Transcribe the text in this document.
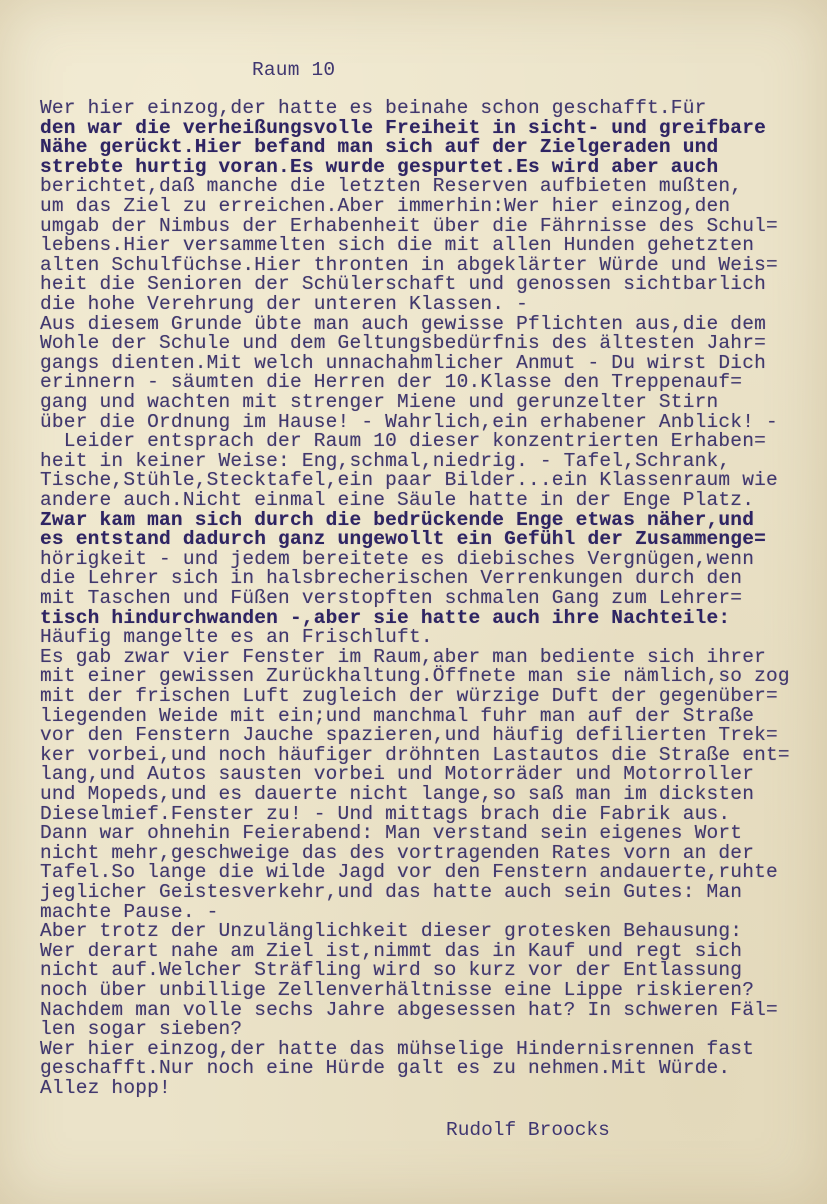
Raum 10
Wer hier einzog,der hatte es beinahe schon geschafft.Für
den war die verheißungsvolle Freiheit in sicht- und greifbare
Nähe gerückt.Hier befand man sich auf der Zielgeraden und
strebte hurtig voran.Es wurde gespurtet.Es wird aber auch
berichtet,daß manche die letzten Reserven aufbieten mußten,
um das Ziel zu erreichen.Aber immerhin:Wer hier einzog,den
umgab der Nimbus der Erhabenheit über die Fährnisse des Schul=
lebens.Hier versammelten sich die mit allen Hunden gehetzten
alten Schulfüchse.Hier thronten in abgeklärter Würde und Weis=
heit die Senioren der Schülerschaft und genossen sichtbarlich
die hohe Verehrung der unteren Klassen. -
Aus diesem Grunde übte man auch gewisse Pflichten aus,die dem
Wohle der Schule und dem Geltungsbedürfnis des ältesten Jahr=
gangs dienten.Mit welch unnachahmlicher Anmut - Du wirst Dich
erinnern - säumten die Herren der 10.Klasse den Treppenauf=
gang und wachten mit strenger Miene und gerunzelter Stirn
über die Ordnung im Hause! - Wahrlich,ein erhabener Anblick! -
Leider entsprach der Raum 10 dieser konzentrierten Erhaben=
heit in keiner Weise: Eng,schmal,niedrig. - Tafel,Schrank,
Tische,Stühle,Stecktafel,ein paar Bilder...ein Klassenraum wie
andere auch.Nicht einmal eine Säule hatte in der Enge Platz.
Zwar kam man sich durch die bedrückende Enge etwas näher,und
es entstand dadurch ganz ungewollt ein Gefühl der Zusammenge=
hörigkeit - und jedem bereitete es diebisches Vergnügen,wenn
die Lehrer sich in halsbrecherischen Verrenkungen durch den
mit Taschen und Füßen verstopften schmalen Gang zum Lehrer=
tisch hindurchwanden -,aber sie hatte auch ihre Nachteile:
Häufig mangelte es an Frischluft.
Es gab zwar vier Fenster im Raum,aber man bediente sich ihrer
mit einer gewissen Zurückhaltung.Öffnete man sie nämlich,so zog
mit der frischen Luft zugleich der würzige Duft der gegenüber=
liegenden Weide mit ein;und manchmal fuhr man auf der Straße
vor den Fenstern Jauche spazieren,und häufig defilierten Trek=
ker vorbei,und noch häufiger dröhnten Lastautos die Straße ent=
lang,und Autos sausten vorbei und Motorräder und Motorroller
und Mopeds,und es dauerte nicht lange,so saß man im dicksten
Dieselmief.Fenster zu! - Und mittags brach die Fabrik aus.
Dann war ohnehin Feierabend: Man verstand sein eigenes Wort
nicht mehr,geschweige das des vortragenden Rates vorn an der
Tafel.So lange die wilde Jagd vor den Fenstern andauerte,ruhte
jeglicher Geistesverkehr,und das hatte auch sein Gutes: Man
machte Pause. -
Aber trotz der Unzulänglichkeit dieser grotesken Behausung:
Wer derart nahe am Ziel ist,nimmt das in Kauf und regt sich
nicht auf.Welcher Sträfling wird so kurz vor der Entlassung
noch über unbillige Zellenverhältnisse eine Lippe riskieren?
Nachdem man volle sechs Jahre abgesessen hat? In schweren Fäl=
len sogar sieben?
Wer hier einzog,der hatte das mühselige Hindernisrennen fast
geschafft.Nur noch eine Hürde galt es zu nehmen.Mit Würde.
Allez hopp!
Rudolf Broocks
